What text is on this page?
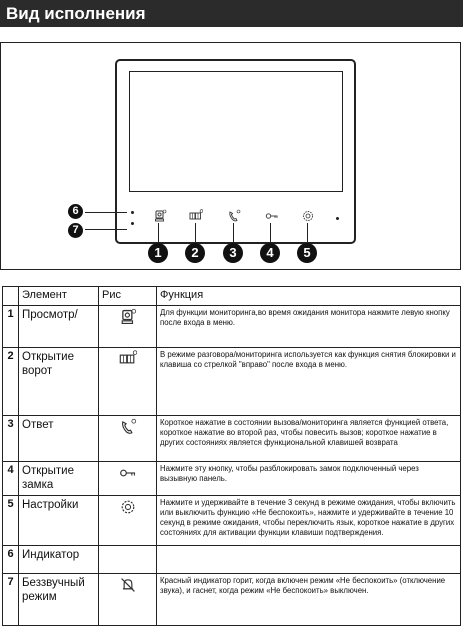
Вид исполнения
6
7
1	2	3	4	5
	Элемент	Рис	Функция
1	Просмотр/		Для функции мониторинга,во время ожидания монитора нажмите левую кнопку после входа в меню.
2	Открытие ворот		В режиме разговора/мониторинга используется как функция снятия блокировки и клавиша со стрелкой "вправо" после входа в меню.
3	Ответ		Короткое нажатие в состоянии вызова/мониторинга является функцией ответа, короткое нажатие во второй раз, чтобы повесить вызов; короткое нажатие в других состояниях является функциональной клавишей возврата
4	Открытие замка		Нажмите эту кнопку, чтобы разблокировать замок подключенный через вызывную панель.
5	Настройки		Нажмите и удерживайте в течение 3 секунд в режиме ожидания, чтобы включить или выключить функцию «Не беспокоить», нажмите и удерживайте в течение 10 секунд в режиме ожидания, чтобы переключить язык, короткое нажатие в других состояниях для активации функции клавиши подтверждения.
6	Индикатор		
7	Беззвучный режим		Красный индикатор горит, когда включен режим «Не беспокоить» (отключение звука), и гаснет, когда режим «Не беспокоить» выключен.
